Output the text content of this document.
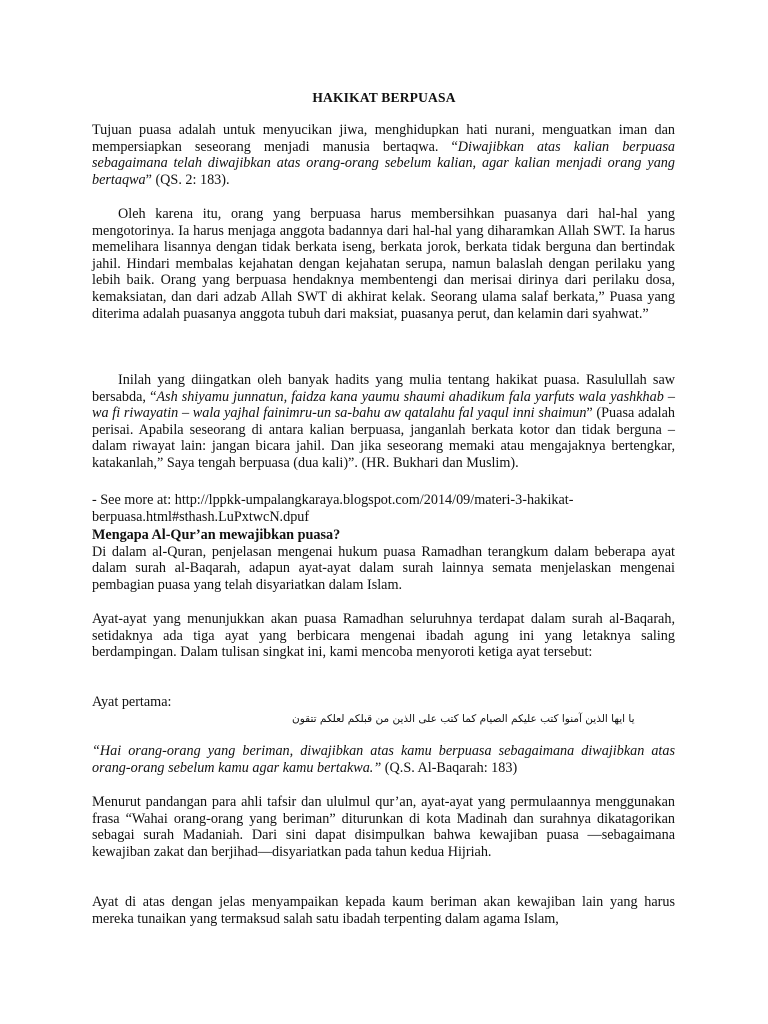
HAKIKAT BERPUASA

Tujuan puasa adalah untuk menyucikan jiwa, menghidupkan hati nurani, menguatkan iman dan mempersiapkan seseorang menjadi manusia bertaqwa. “Diwajibkan atas kalian berpuasa sebagaimana telah diwajibkan atas orang-orang sebelum kalian, agar kalian menjadi orang yang bertaqwa” (QS. 2: 183).

Oleh karena itu, orang yang berpuasa harus membersihkan puasanya dari hal-hal yang mengotorinya. Ia harus menjaga anggota badannya dari hal-hal yang diharamkan Allah SWT. Ia harus memelihara lisannya dengan tidak berkata iseng, berkata jorok, berkata tidak berguna dan bertindak jahil. Hindari membalas kejahatan dengan kejahatan serupa, namun balaslah dengan perilaku yang lebih baik. Orang yang berpuasa hendaknya membentengi dan merisai dirinya dari perilaku dosa, kemaksiatan, dan dari adzab Allah SWT di akhirat kelak. Seorang ulama salaf berkata,” Puasa yang diterima adalah puasanya anggota tubuh dari maksiat, puasanya perut, dan kelamin dari syahwat.”

Inilah yang diingatkan oleh banyak hadits yang mulia tentang hakikat puasa. Rasulullah saw bersabda, “Ash shiyamu junnatun, faidza kana yaumu shaumi ahadikum fala yarfuts wala yashkhab –wa fi riwayatin – wala yajhal fainimru-un sa-bahu aw qatalahu fal yaqul inni shaimun” (Puasa adalah perisai. Apabila seseorang di antara kalian berpuasa, janganlah berkata kotor dan tidak berguna –dalam riwayat lain: jangan bicara jahil. Dan jika seseorang memaki atau mengajaknya bertengkar, katakanlah,” Saya tengah berpuasa (dua kali)”. (HR. Bukhari dan Muslim).

- See more at: http://lppkk-umpalangkaraya.blogspot.com/2014/09/materi-3-hakikat-berpuasa.html#sthash.LuPxtwcN.dpuf

Mengapa Al-Qur’an mewajibkan puasa?

Di dalam al-Quran, penjelasan mengenai hukum puasa Ramadhan terangkum dalam beberapa ayat dalam surah al-Baqarah, adapun ayat-ayat dalam surah lainnya semata menjelaskan mengenai pembagian puasa yang telah disyariatkan dalam Islam.

Ayat-ayat yang menunjukkan akan puasa Ramadhan seluruhnya terdapat dalam surah al-Baqarah, setidaknya ada tiga ayat yang berbicara mengenai ibadah agung ini yang letaknya saling berdampingan. Dalam tulisan singkat ini, kami mencoba menyoroti ketiga ayat tersebut:

Ayat pertama:

يا ايها الذين آمنوا كتب عليكم الصيام كما كتب على الذين من قبلكم لعلكم تتقون

“Hai orang-orang yang beriman, diwajibkan atas kamu berpuasa sebagaimana diwajibkan atas orang-orang sebelum kamu agar kamu bertakwa.” (Q.S. Al-Baqarah: 183)

Menurut pandangan para ahli tafsir dan ululmul qur’an, ayat-ayat yang permulaannya menggunakan frasa “Wahai orang-orang yang beriman” diturunkan di kota Madinah dan surahnya dikatagorikan sebagai surah Madaniah. Dari sini dapat disimpulkan bahwa kewajiban puasa —sebagaimana kewajiban zakat dan berjihad—disyariatkan pada tahun kedua Hijriah.

Ayat di atas dengan jelas menyampaikan kepada kaum beriman akan kewajiban lain yang harus mereka tunaikan yang termaksud salah satu ibadah terpenting dalam agama Islam,
